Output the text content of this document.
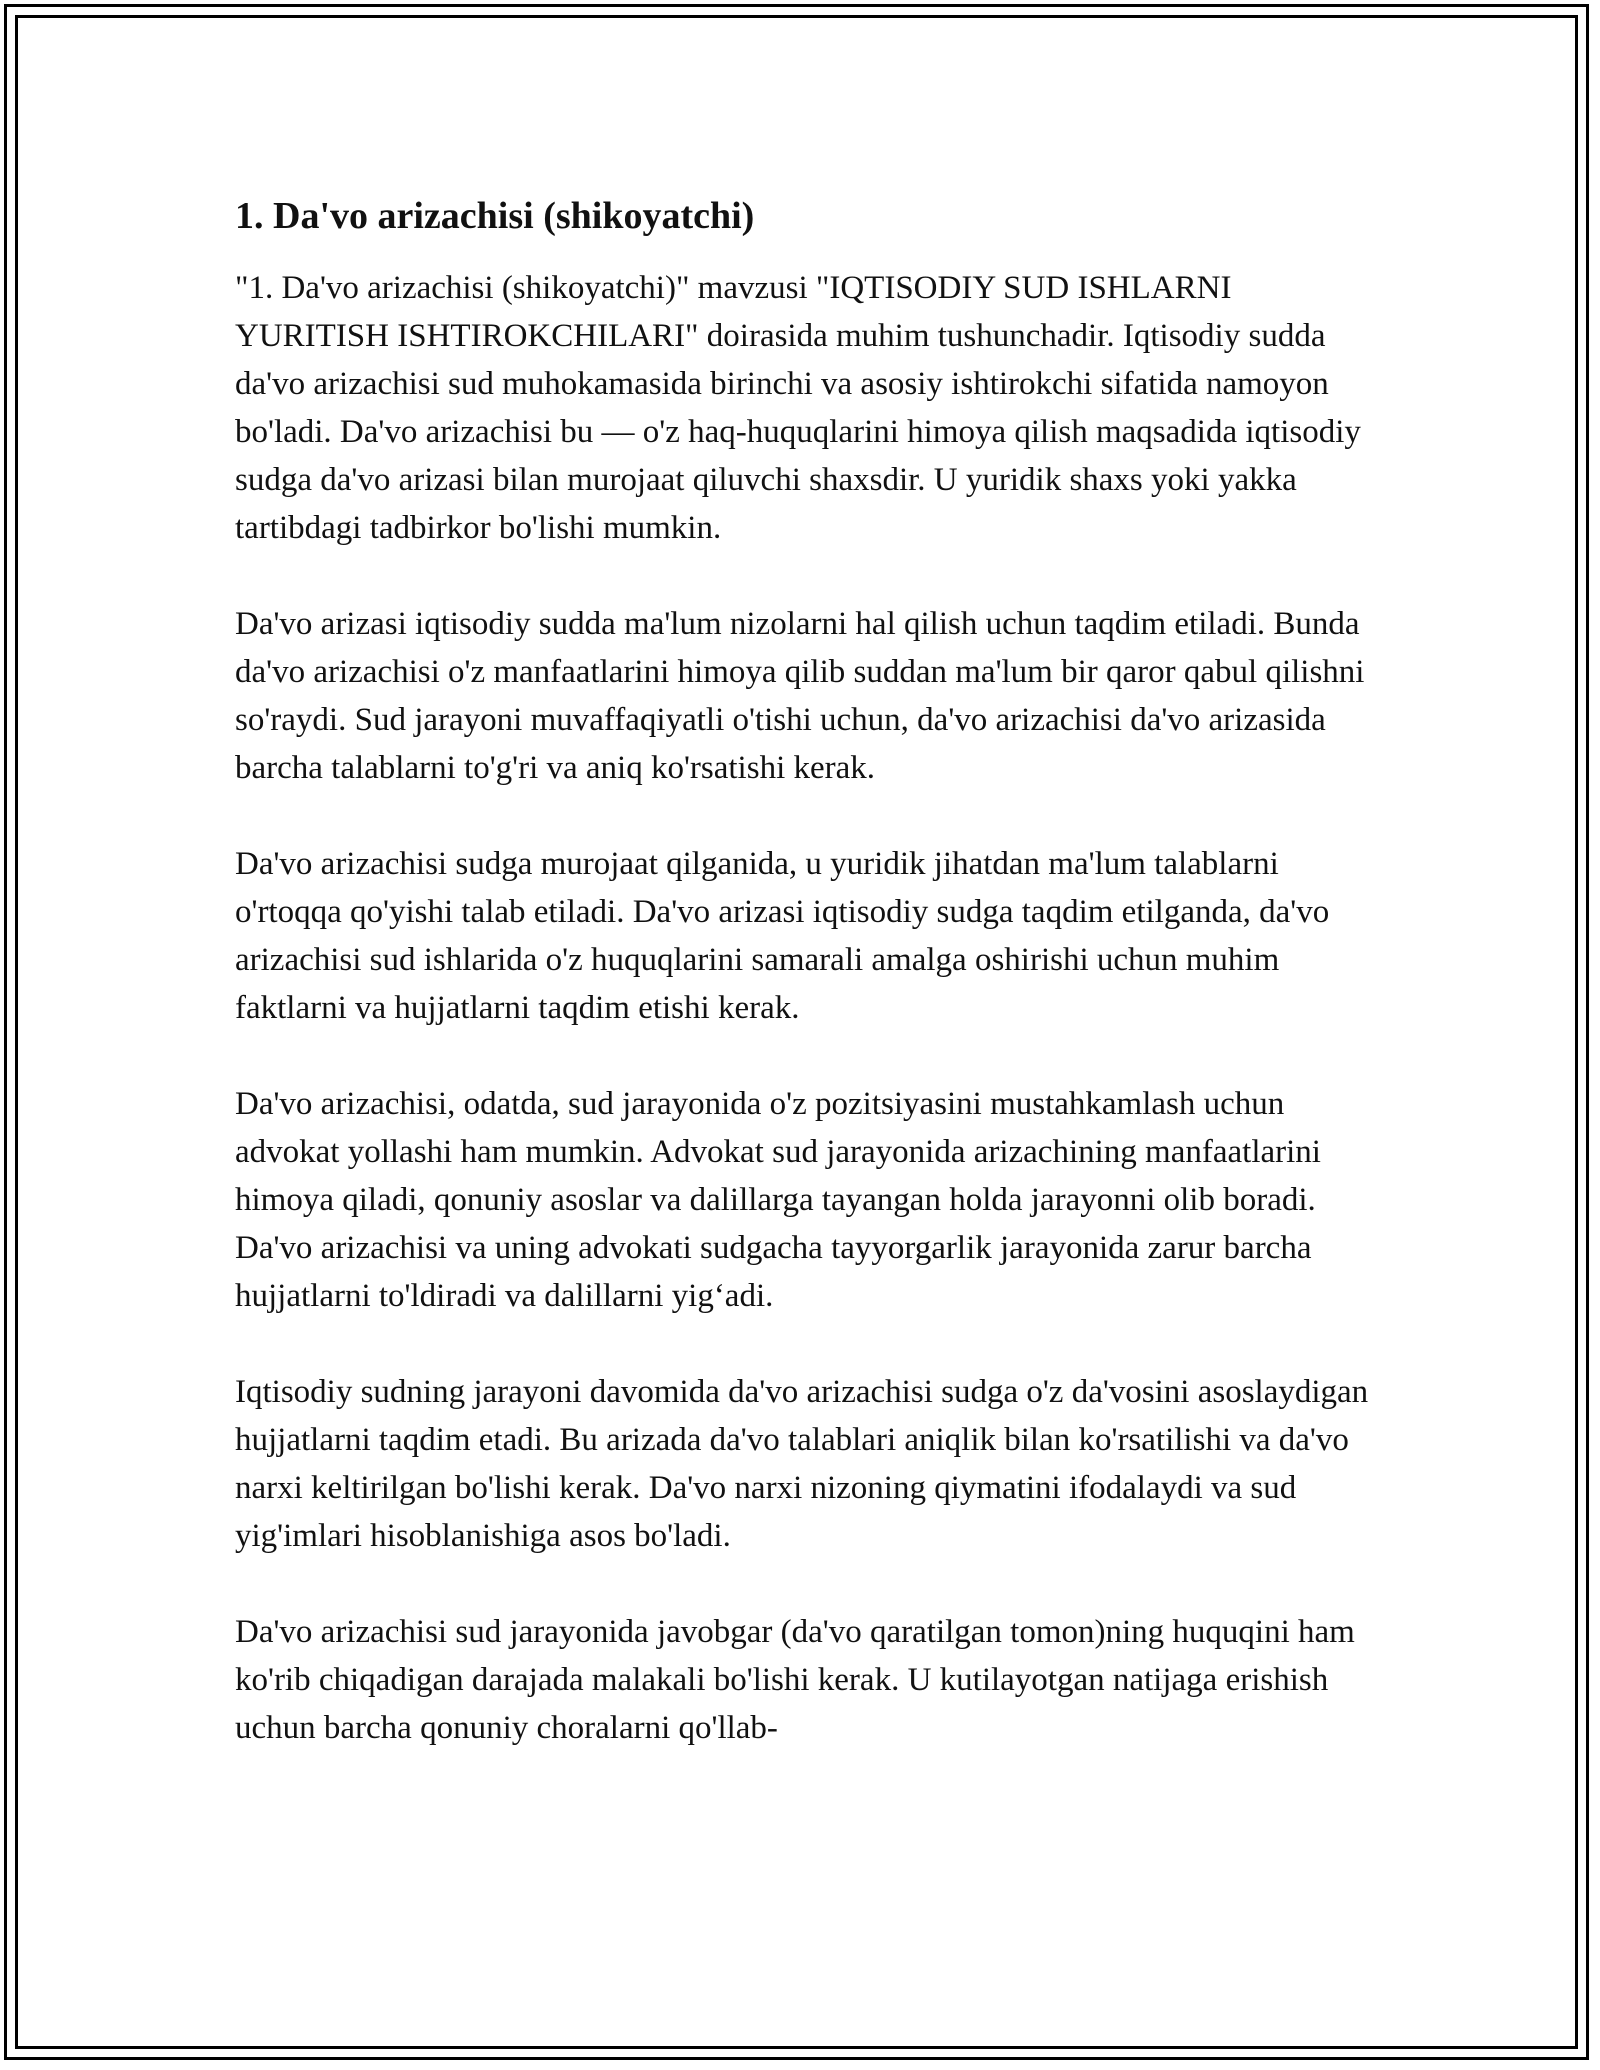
1. Da'vo arizachisi (shikoyatchi)

"1. Da'vo arizachisi (shikoyatchi)" mavzusi "IQTISODIY SUD ISHLARNI YURITISH ISHTIROKCHILARI" doirasida muhim tushunchadir. Iqtisodiy sudda da'vo arizachisi sud muhokamasida birinchi va asosiy ishtirokchi sifatida namoyon bo'ladi. Da'vo arizachisi bu — o'z haq-huquqlarini himoya qilish maqsadida iqtisodiy sudga da'vo arizasi bilan murojaat qiluvchi shaxsdir. U yuridik shaxs yoki yakka tartibdagi tadbirkor bo'lishi mumkin.

Da'vo arizasi iqtisodiy sudda ma'lum nizolarni hal qilish uchun taqdim etiladi. Bunda da'vo arizachisi o'z manfaatlarini himoya qilib suddan ma'lum bir qaror qabul qilishni so'raydi. Sud jarayoni muvaffaqiyatli o'tishi uchun, da'vo arizachisi da'vo arizasida barcha talablarni to'g'ri va aniq ko'rsatishi kerak.

Da'vo arizachisi sudga murojaat qilganida, u yuridik jihatdan ma'lum talablarni o'rtoqqa qo'yishi talab etiladi. Da'vo arizasi iqtisodiy sudga taqdim etilganda, da'vo arizachisi sud ishlarida o'z huquqlarini samarali amalga oshirishi uchun muhim faktlarni va hujjatlarni taqdim etishi kerak.

Da'vo arizachisi, odatda, sud jarayonida o'z pozitsiyasini mustahkamlash uchun advokat yollashi ham mumkin. Advokat sud jarayonida arizachining manfaatlarini himoya qiladi, qonuniy asoslar va dalillarga tayangan holda jarayonni olib boradi. Da'vo arizachisi va uning advokati sudgacha tayyorgarlik jarayonida zarur barcha hujjatlarni to'ldiradi va dalillarni yig‘adi.

Iqtisodiy sudning jarayoni davomida da'vo arizachisi sudga o'z da'vosini asoslaydigan hujjatlarni taqdim etadi. Bu arizada da'vo talablari aniqlik bilan ko'rsatilishi va da'vo narxi keltirilgan bo'lishi kerak. Da'vo narxi nizoning qiymatini ifodalaydi va sud yig'imlari hisoblanishiga asos bo'ladi.

Da'vo arizachisi sud jarayonida javobgar (da'vo qaratilgan tomon)ning huquqini ham ko'rib chiqadigan darajada malakali bo'lishi kerak. U kutilayotgan natijaga erishish uchun barcha qonuniy choralarni qo'llab-
